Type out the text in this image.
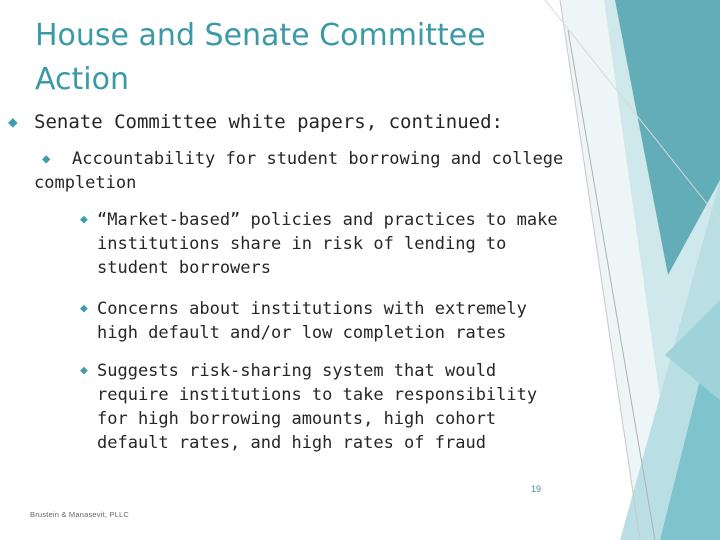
House and Senate Committee Action
◆ Senate Committee white papers, continued:
◆	Accountability for student borrowing and college completion
◆ “Market-based” policies and practices to make institutions share in risk of lending to student borrowers
◆ Concerns about institutions with extremely high default and/or low completion rates
◆ Suggests risk-sharing system that would require institutions to take responsibility for high borrowing amounts, high cohort default rates, and high rates of fraud
19
Brustein & Manasevit, PLLC
